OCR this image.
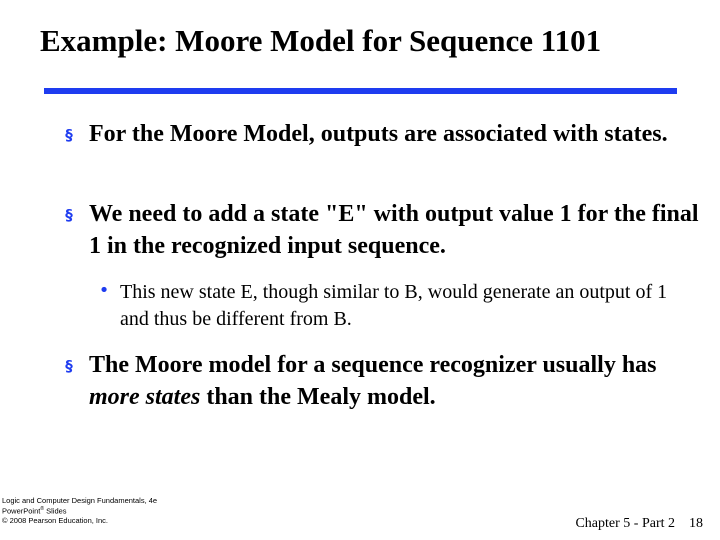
Example: Moore Model for Sequence 1101
§ For the Moore Model, outputs are associated with states.
§ We need to add a state "E" with output value 1 for the final 1 in the recognized input sequence.
• This new state E, though similar to B, would generate an output of 1 and thus be different from B.
§ The Moore model for a sequence recognizer usually has more states than the Mealy model.
Logic and Computer Design Fundamentals, 4e
PowerPoint® Slides
© 2008 Pearson Education, Inc.	Chapter 5 - Part 2 18
